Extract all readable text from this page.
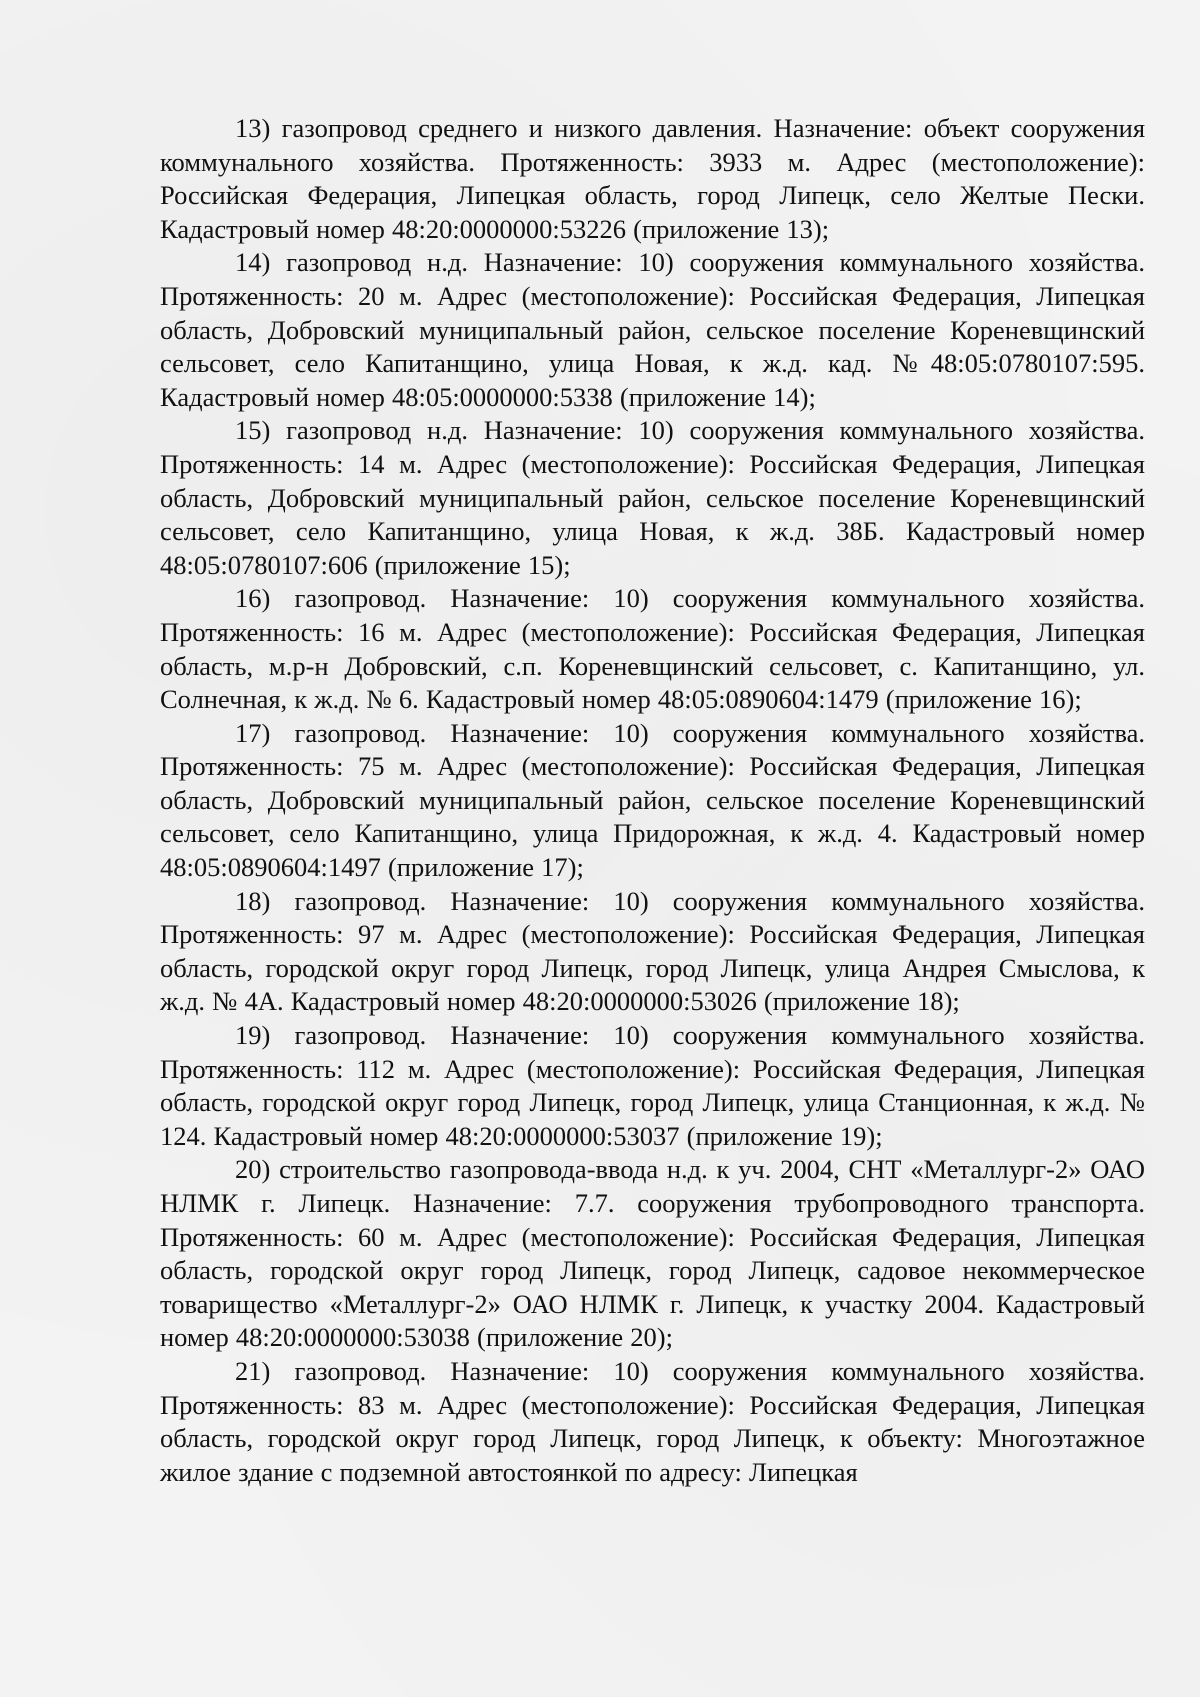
13) газопровод среднего и низкого давления. Назначение: объект сооружения коммунального хозяйства. Протяженность: 3933 м. Адрес (местоположение): Российская Федерация, Липецкая область, город Липецк, село Желтые Пески. Кадастровый номер 48:20:0000000:53226 (приложение 13);

14) газопровод н.д. Назначение: 10) сооружения коммунального хозяйства. Протяженность: 20 м. Адрес (местоположение): Российская Федерация, Липецкая область, Добровский муниципальный район, сельское поселение Кореневщинский сельсовет, село Капитанщино, улица Новая, к ж.д. кад. №48:05:0780107:595. Кадастровый номер 48:05:0000000:5338 (приложение 14);

15) газопровод н.д. Назначение: 10) сооружения коммунального хозяйства. Протяженность: 14 м. Адрес (местоположение): Российская Федерация, Липецкая область, Добровский муниципальный район, сельское поселение Кореневщинский сельсовет, село Капитанщино, улица Новая, к ж.д. 38Б. Кадастровый номер 48:05:0780107:606 (приложение 15);

16) газопровод. Назначение: 10) сооружения коммунального хозяйства. Протяженность: 16 м. Адрес (местоположение): Российская Федерация, Липецкая область, м.р-н Добровский, с.п. Кореневщинский сельсовет, с. Капитанщино, ул. Солнечная, к ж.д. № 6. Кадастровый номер 48:05:0890604:1479 (приложение 16);

17) газопровод. Назначение: 10) сооружения коммунального хозяйства. Протяженность: 75 м. Адрес (местоположение): Российская Федерация, Липецкая область, Добровский муниципальный район, сельское поселение Кореневщинский сельсовет, село Капитанщино, улица Придорожная, к ж.д. 4. Кадастровый номер 48:05:0890604:1497 (приложение 17);

18) газопровод. Назначение: 10) сооружения коммунального хозяйства. Протяженность: 97 м. Адрес (местоположение): Российская Федерация, Липецкая область, городской округ город Липецк, город Липецк, улица Андрея Смыслова, к ж.д. № 4А. Кадастровый номер 48:20:0000000:53026 (приложение 18);

19) газопровод. Назначение: 10) сооружения коммунального хозяйства. Протяженность: 112 м. Адрес (местоположение): Российская Федерация, Липецкая область, городской округ город Липецк, город Липецк, улица Станционная, к ж.д. № 124. Кадастровый номер 48:20:0000000:53037 (приложение 19);

20) строительство газопровода-ввода н.д. к уч. 2004, СНТ «Металлург-2» ОАО НЛМК г. Липецк. Назначение: 7.7. сооружения трубопроводного транспорта. Протяженность: 60 м. Адрес (местоположение): Российская Федерация, Липецкая область, городской округ город Липецк, город Липецк, садовое некоммерческое товарищество «Металлург-2» ОАО НЛМК г. Липецк, к участку 2004. Кадастровый номер 48:20:0000000:53038 (приложение 20);

21) газопровод. Назначение: 10) сооружения коммунального хозяйства. Протяженность: 83 м. Адрес (местоположение): Российская Федерация, Липецкая область, городской округ город Липецк, город Липецк, к объекту: Многоэтажное жилое здание с подземной автостоянкой по адресу: Липецкая
